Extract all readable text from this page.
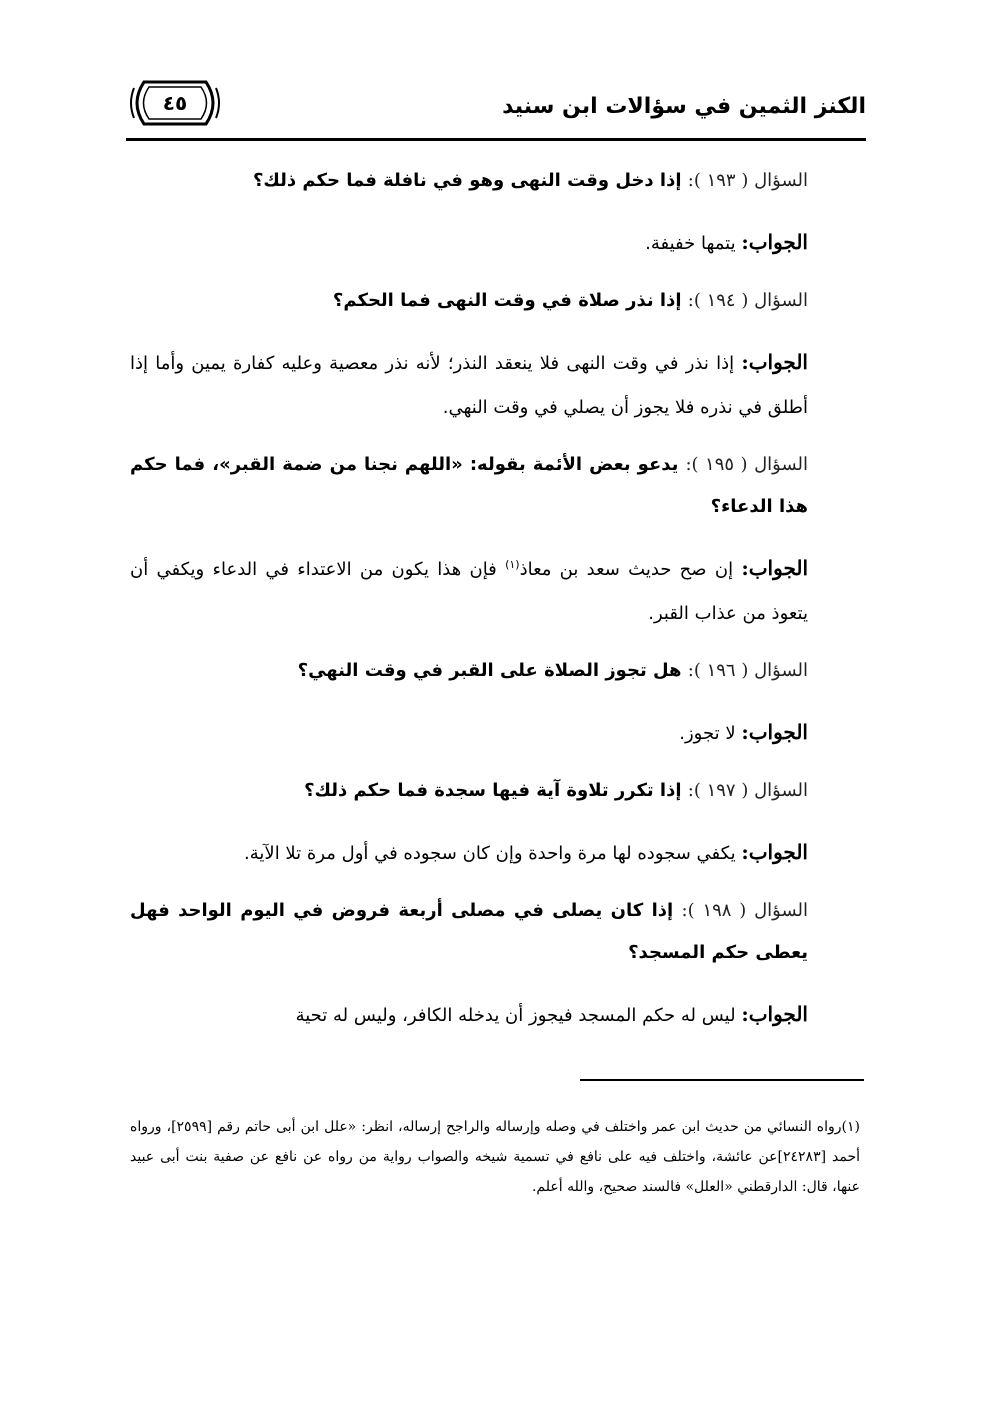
الكنز الثمين في سؤالات ابن سنيد
٤٥

السؤال ( ١٩٣ ): إذا دخل وقت النهى وهو في نافلة فما حكم ذلك؟

الجواب: يتمها خفيفة.

السؤال ( ١٩٤ ): إذا نذر صلاة في وقت النهى فما الحكم؟

الجواب: إذا نذر في وقت النهى فلا ينعقد النذر؛ لأنه نذر معصية وعليه كفارة يمين وأما إذا أطلق في نذره فلا يجوز أن يصلي في وقت النهي.

السؤال ( ١٩٥ ): يدعو بعض الأئمة بقوله: «اللهم نجنا من ضمة القبر»، فما حكم هذا الدعاء؟

الجواب: إن صح حديث سعد بن معاذ$^{(١)}$ فإن هذا يكون من الاعتداء في الدعاء ويكفي أن يتعوذ من عذاب القبر.

السؤال ( ١٩٦ ): هل تجوز الصلاة على القبر في وقت النهي؟

الجواب: لا تجوز.

السؤال ( ١٩٧ ): إذا تكرر تلاوة آية فيها سجدة فما حكم ذلك؟

الجواب: يكفي سجوده لها مرة واحدة وإن كان سجوده في أول مرة تلا الآية.

السؤال ( ١٩٨ ): إذا كان يصلى في مصلى أربعة فروض في اليوم الواحد فهل يعطى حكم المسجد؟

الجواب: ليس له حكم المسجد فيجوز أن يدخله الكافر، وليس له تحية

(١)رواه النسائي من حديث ابن عمر واختلف في وصله وإرساله والراجح إرساله، انظر: «علل ابن أبى حاتم رقم [٢٥٩٩]، ورواه أحمد [٢٤٢٨٣]عن عائشة، واختلف فيه على نافع في تسمية شيخه والصواب رواية من رواه عن نافع عن صفية بنت أبى عبيد عنها، قال: الدارقطني «العلل» فالسند صحيح، والله أعلم.
